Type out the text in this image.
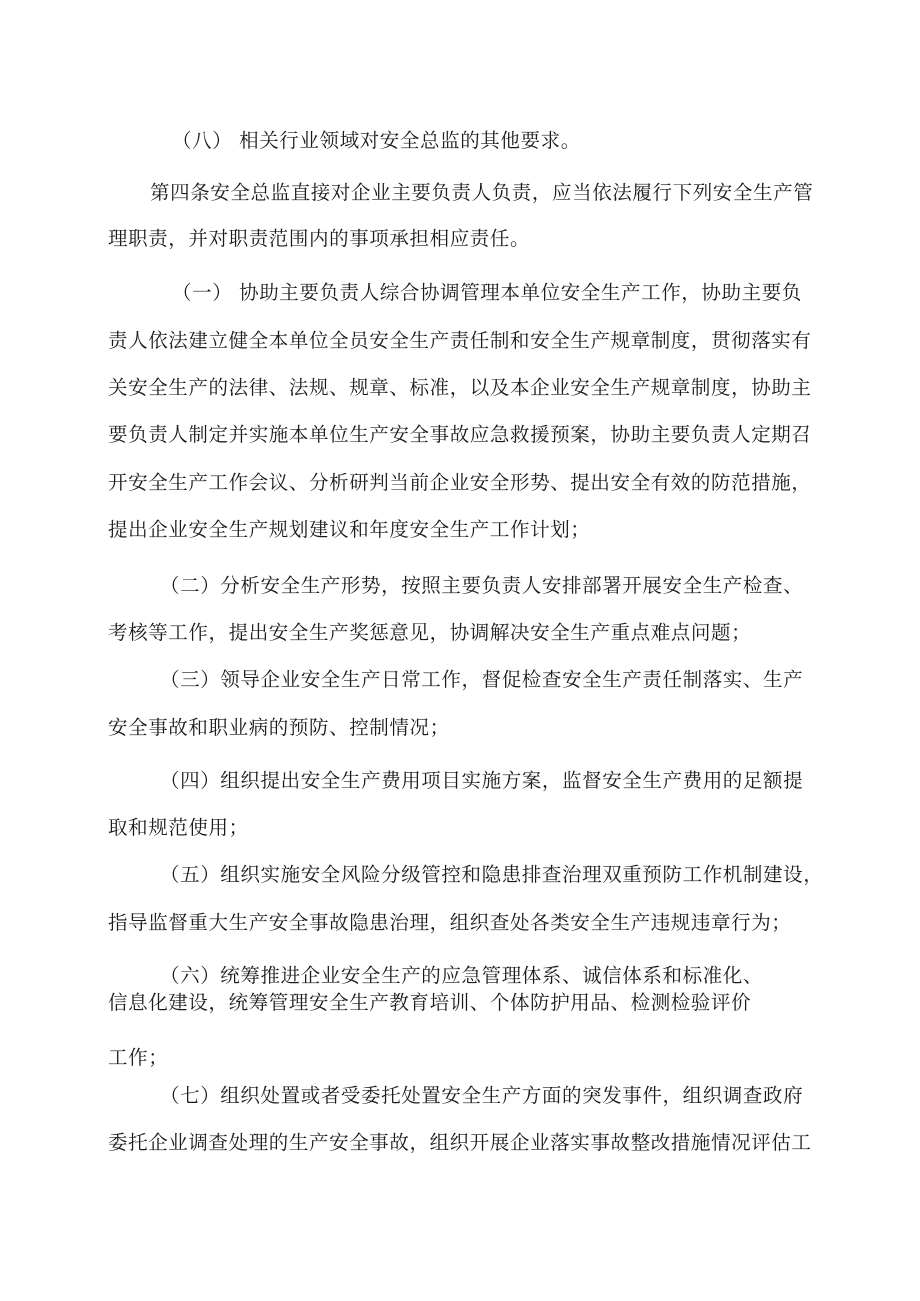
（八） 相关行业领域对安全总监的其他要求。
第四条安全总监直接对企业主要负责人负责，应当依法履行下列安全生产管
理职责，并对职责范围内的事项承担相应责任。
（一） 协助主要负责人综合协调管理本单位安全生产工作，协助主要负
责人依法建立健全本单位全员安全生产责任制和安全生产规章制度，贯彻落实有
关安全生产的法律、法规、规章、标准，以及本企业安全生产规章制度，协助主
要负责人制定并实施本单位生产安全事故应急救援预案，协助主要负责人定期召
开安全生产工作会议、分析研判当前企业安全形势、提出安全有效的防范措施，
提出企业安全生产规划建议和年度安全生产工作计划；
（二）分析安全生产形势，按照主要负责人安排部署开展安全生产检查、
考核等工作，提出安全生产奖惩意见，协调解决安全生产重点难点问题；
（三）领导企业安全生产日常工作，督促检查安全生产责任制落实、生产
安全事故和职业病的预防、控制情况；
（四）组织提出安全生产费用项目实施方案，监督安全生产费用的足额提
取和规范使用；
（五）组织实施安全风险分级管控和隐患排查治理双重预防工作机制建设，
指导监督重大生产安全事故隐患治理，组织查处各类安全生产违规违章行为；
（六）统筹推进企业安全生产的应急管理体系、诚信体系和标准化、
信息化建设，统筹管理安全生产教育培训、个体防护用品、检测检验评价
工作；
（七）组织处置或者受委托处置安全生产方面的突发事件，组织调查政府
委托企业调查处理的生产安全事故，组织开展企业落实事故整改措施情况评估工
